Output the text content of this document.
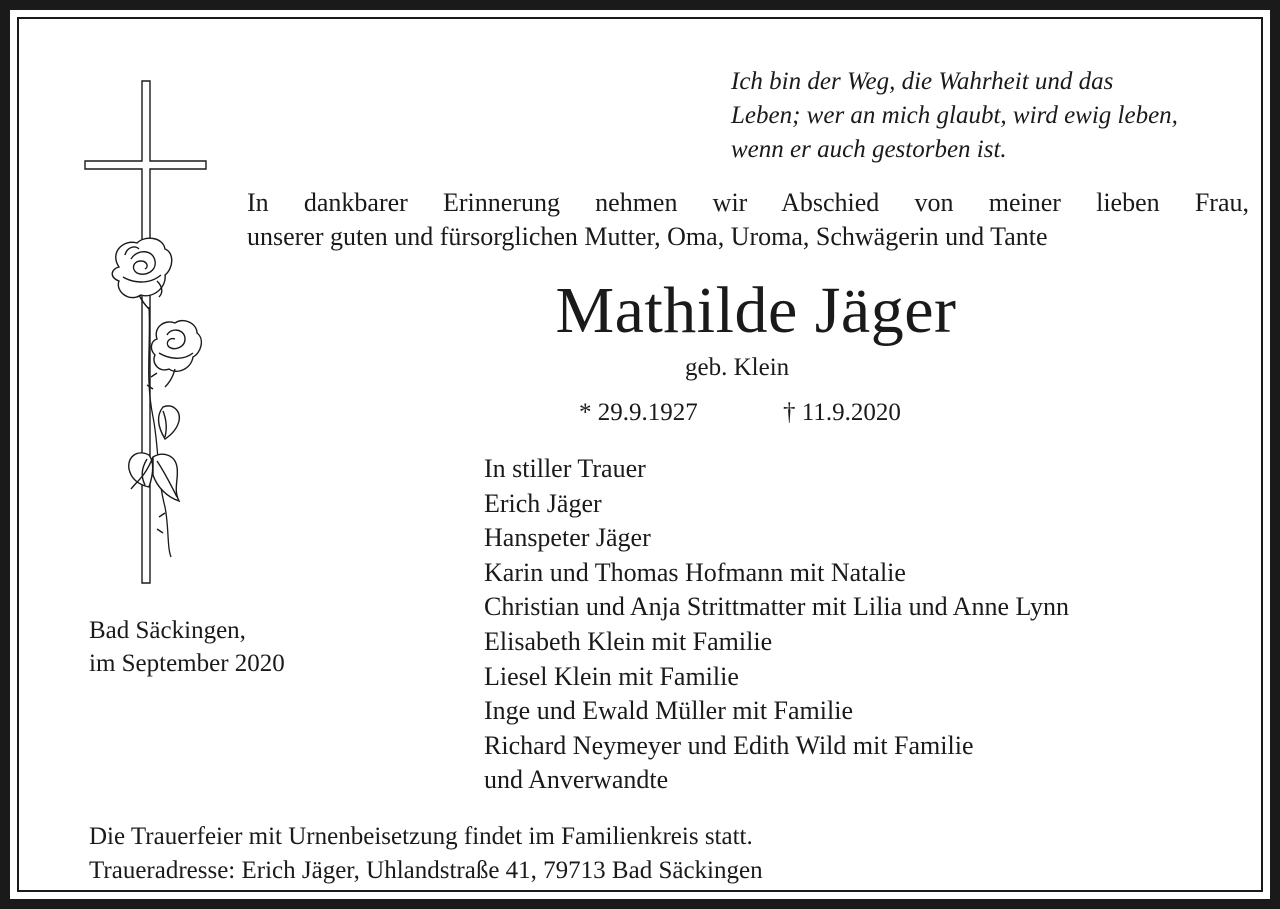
Ich bin der Weg, die Wahrheit und das
Leben; wer an mich glaubt, wird ewig leben,
wenn er auch gestorben ist.
In dankbarer Erinnerung nehmen wir Abschied von meiner lieben Frau,
unserer guten und fürsorglichen Mutter, Oma, Uroma, Schwägerin und Tante
Mathilde Jäger
geb. Klein
* 29.9.1927	† 11.9.2020
In stiller Trauer
Erich Jäger
Hanspeter Jäger
Karin und Thomas Hofmann mit Natalie
Christian und Anja Strittmatter mit Lilia und Anne Lynn
Elisabeth Klein mit Familie
Liesel Klein mit Familie
Inge und Ewald Müller mit Familie
Richard Neymeyer und Edith Wild mit Familie
und Anverwandte
Bad Säckingen,
im September 2020
Die Trauerfeier mit Urnenbeisetzung findet im Familienkreis statt.
Traueradresse: Erich Jäger, Uhlandstraße 41, 79713 Bad Säckingen
